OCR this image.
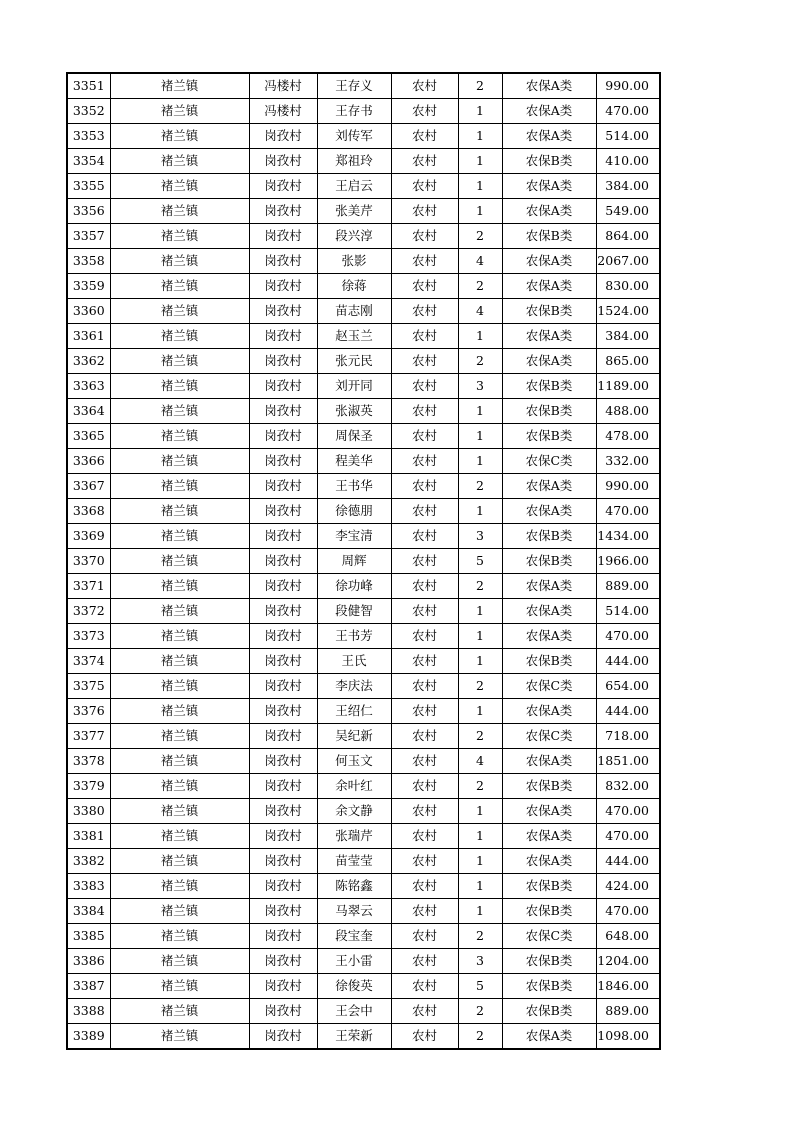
3351	褚兰镇	冯楼村	王存义	农村	2	农保A类	990.00
3352	褚兰镇	冯楼村	王存书	农村	1	农保A类	470.00
3353	褚兰镇	岗孜村	刘传军	农村	1	农保A类	514.00
3354	褚兰镇	岗孜村	郑祖玲	农村	1	农保B类	410.00
3355	褚兰镇	岗孜村	王启云	农村	1	农保A类	384.00
3356	褚兰镇	岗孜村	张美芹	农村	1	农保A类	549.00
3357	褚兰镇	岗孜村	段兴淳	农村	2	农保B类	864.00
3358	褚兰镇	岗孜村	张影	农村	4	农保A类	2067.00
3359	褚兰镇	岗孜村	徐蒋	农村	2	农保A类	830.00
3360	褚兰镇	岗孜村	苗志刚	农村	4	农保B类	1524.00
3361	褚兰镇	岗孜村	赵玉兰	农村	1	农保A类	384.00
3362	褚兰镇	岗孜村	张元民	农村	2	农保A类	865.00
3363	褚兰镇	岗孜村	刘开同	农村	3	农保B类	1189.00
3364	褚兰镇	岗孜村	张淑英	农村	1	农保B类	488.00
3365	褚兰镇	岗孜村	周保圣	农村	1	农保B类	478.00
3366	褚兰镇	岗孜村	程美华	农村	1	农保C类	332.00
3367	褚兰镇	岗孜村	王书华	农村	2	农保A类	990.00
3368	褚兰镇	岗孜村	徐德朋	农村	1	农保A类	470.00
3369	褚兰镇	岗孜村	李宝清	农村	3	农保B类	1434.00
3370	褚兰镇	岗孜村	周辉	农村	5	农保B类	1966.00
3371	褚兰镇	岗孜村	徐功峰	农村	2	农保A类	889.00
3372	褚兰镇	岗孜村	段健智	农村	1	农保A类	514.00
3373	褚兰镇	岗孜村	王书芳	农村	1	农保A类	470.00
3374	褚兰镇	岗孜村	王氏	农村	1	农保B类	444.00
3375	褚兰镇	岗孜村	李庆法	农村	2	农保C类	654.00
3376	褚兰镇	岗孜村	王绍仁	农村	1	农保A类	444.00
3377	褚兰镇	岗孜村	吴纪新	农村	2	农保C类	718.00
3378	褚兰镇	岗孜村	何玉文	农村	4	农保A类	1851.00
3379	褚兰镇	岗孜村	余叶红	农村	2	农保B类	832.00
3380	褚兰镇	岗孜村	余文静	农村	1	农保A类	470.00
3381	褚兰镇	岗孜村	张瑞芹	农村	1	农保A类	470.00
3382	褚兰镇	岗孜村	苗莹莹	农村	1	农保A类	444.00
3383	褚兰镇	岗孜村	陈铭鑫	农村	1	农保B类	424.00
3384	褚兰镇	岗孜村	马翠云	农村	1	农保B类	470.00
3385	褚兰镇	岗孜村	段宝奎	农村	2	农保C类	648.00
3386	褚兰镇	岗孜村	王小雷	农村	3	农保B类	1204.00
3387	褚兰镇	岗孜村	徐俊英	农村	5	农保B类	1846.00
3388	褚兰镇	岗孜村	王会中	农村	2	农保B类	889.00
3389	褚兰镇	岗孜村	王荣新	农村	2	农保A类	1098.00
